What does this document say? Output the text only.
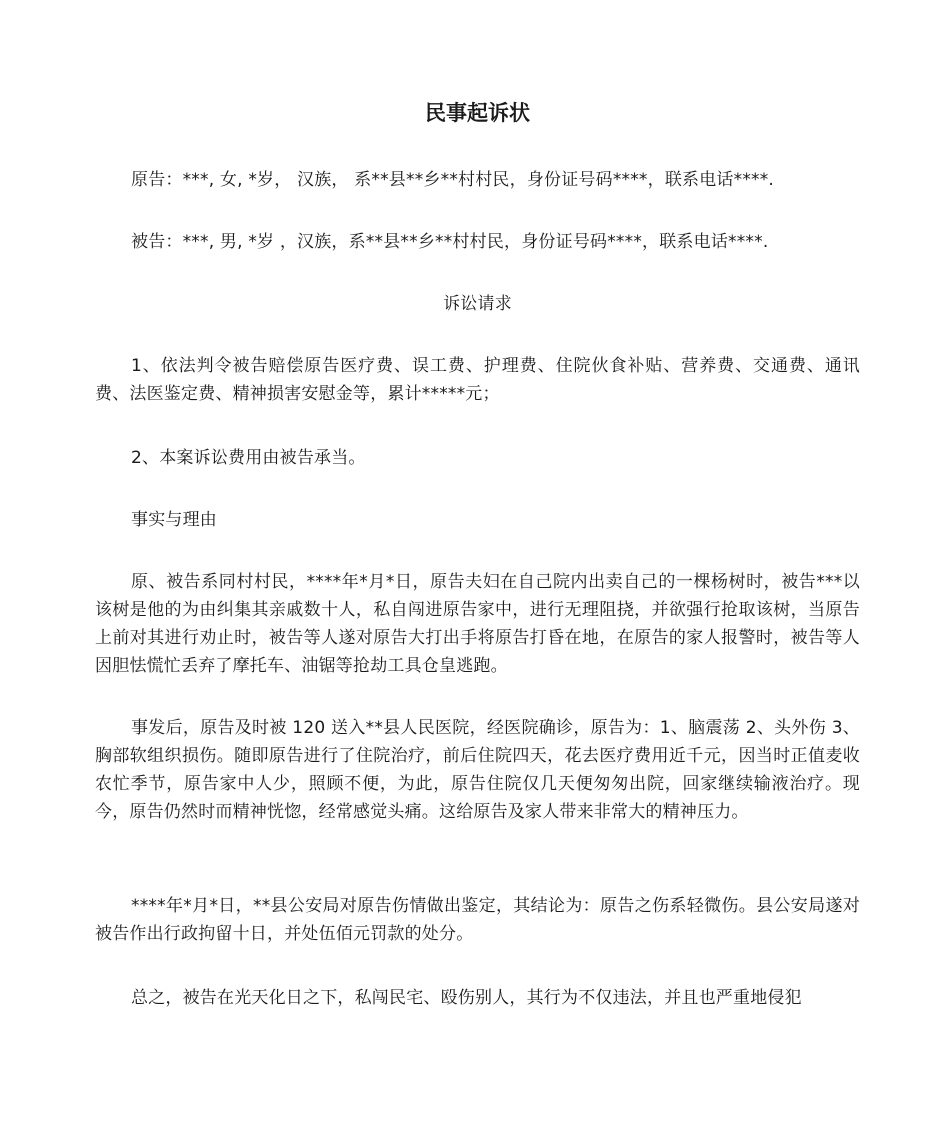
民事起诉状

原告：***, 女, *岁， 汉族， 系**县**乡**村村民，身份证号码****，联系电话****.

被告：***, 男, *岁 ，汉族，系**县**乡**村村民，身份证号码****，联系电话****.

诉讼请求

1、依法判令被告赔偿原告医疗费、误工费、护理费、住院伙食补贴、营养费、交通费、通讯费、法医鉴定费、精神损害安慰金等，累计*****元；

2、本案诉讼费用由被告承当。

事实与理由

原、被告系同村村民，****年*月*日，原告夫妇在自己院内出卖自己的一棵杨树时，被告***以该树是他的为由纠集其亲戚数十人，私自闯进原告家中，进行无理阻挠，并欲强行抢取该树，当原告上前对其进行劝止时，被告等人遂对原告大打出手将原告打昏在地，在原告的家人报警时，被告等人因胆怯慌忙丢弃了摩托车、油锯等抢劫工具仓皇逃跑。

事发后，原告及时被 120 送入**县人民医院，经医院确诊，原告为：1、脑震荡 2、头外伤 3、胸部软组织损伤。随即原告进行了住院治疗，前后住院四天，花去医疗费用近千元，因当时正值麦收农忙季节，原告家中人少，照顾不便，为此，原告住院仅几天便匆匆出院，回家继续输液治疗。现今，原告仍然时而精神恍惚，经常感觉头痛。这给原告及家人带来非常大的精神压力。

****年*月*日，**县公安局对原告伤情做出鉴定，其结论为：原告之伤系轻微伤。县公安局遂对被告作出行政拘留十日，并处伍佰元罚款的处分。

总之，被告在光天化日之下，私闯民宅、殴伤别人，其行为不仅违法，并且也严重地侵犯
